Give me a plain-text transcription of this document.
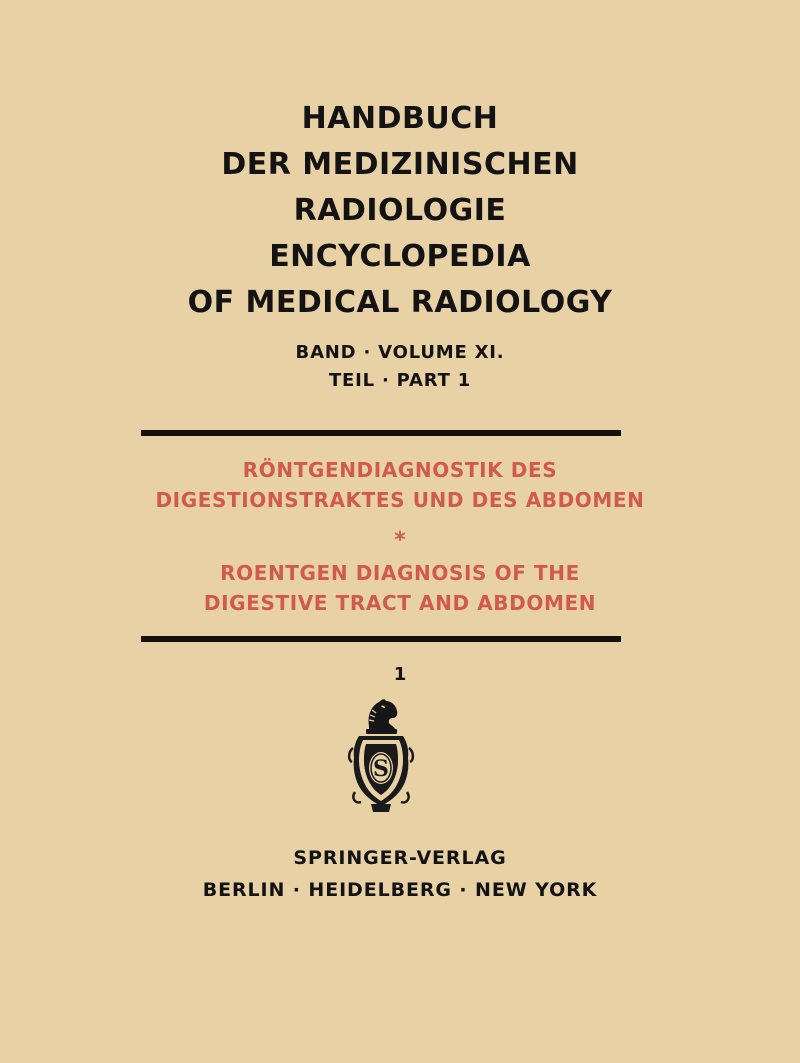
HANDBUCH
DER MEDIZINISCHEN
RADIOLOGIE
ENCYCLOPEDIA
OF MEDICAL RADIOLOGY
BAND · VOLUME XI.
TEIL · PART 1
RÖNTGENDIAGNOSTIK DES
DIGESTIONSTRAKTES UND DES ABDOMEN
*
ROENTGEN DIAGNOSIS OF THE
DIGESTIVE TRACT AND ABDOMEN
1
S
SPRINGER-VERLAG
BERLIN · HEIDELBERG · NEW YORK
